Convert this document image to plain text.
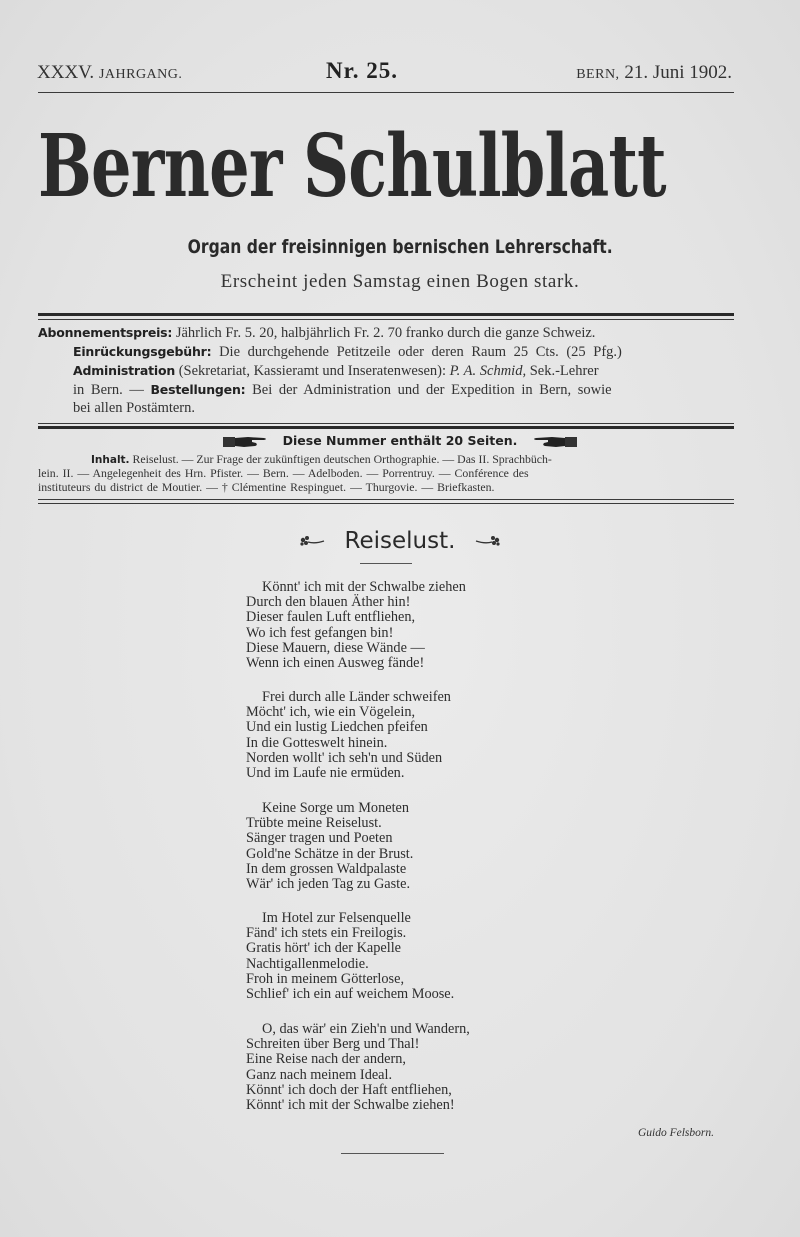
XXXV. JAHRGANG.	Nr. 25.	BERN, 21. Juni 1902.
Berner Schulblatt
Organ der freisinnigen bernischen Lehrerschaft.
Erscheint jeden Samstag einen Bogen stark.
Abonnementspreis: Jährlich Fr. 5. 20, halbjährlich Fr. 2. 70 franko durch die ganze Schweiz.
Einrückungsgebühr: Die durchgehende Petitzeile oder deren Raum 25 Cts. (25 Pfg.)
Administration (Sekretariat, Kassieramt und Inseratenwesen): P. A. Schmid, Sek.-Lehrer
in Bern. — Bestellungen: Bei der Administration und der Expedition in Bern, sowie
bei allen Postämtern.
Diese Nummer enthält 20 Seiten.
Inhalt. Reiselust. — Zur Frage der zukünftigen deutschen Orthographie. — Das II. Sprachbüch-
lein. II. — Angelegenheit des Hrn. Pfister. — Bern. — Adelboden. — Porrentruy. — Conférence des
instituteurs du district de Moutier. — † Clémentine Respinguet. — Thurgovie. — Briefkasten.
Reiselust.
Könnt' ich mit der Schwalbe ziehen
Durch den blauen Äther hin!
Dieser faulen Luft entfliehen,
Wo ich fest gefangen bin!
Diese Mauern, diese Wände —
Wenn ich einen Ausweg fände!
Frei durch alle Länder schweifen
Möcht' ich, wie ein Vögelein,
Und ein lustig Liedchen pfeifen
In die Gotteswelt hinein.
Norden wollt' ich seh'n und Süden
Und im Laufe nie ermüden.
Keine Sorge um Moneten
Trübte meine Reiselust.
Sänger tragen und Poeten
Gold'ne Schätze in der Brust.
In dem grossen Waldpalaste
Wär' ich jeden Tag zu Gaste.
Im Hotel zur Felsenquelle
Fänd' ich stets ein Freilogis.
Gratis hört' ich der Kapelle
Nachtigallenmelodie.
Froh in meinem Götterlose,
Schlief' ich ein auf weichem Moose.
O, das wär' ein Zieh'n und Wandern,
Schreiten über Berg und Thal!
Eine Reise nach der andern,
Ganz nach meinem Ideal.
Könnt' ich doch der Haft entfliehen,
Könnt' ich mit der Schwalbe ziehen!
Guido Felsborn.
